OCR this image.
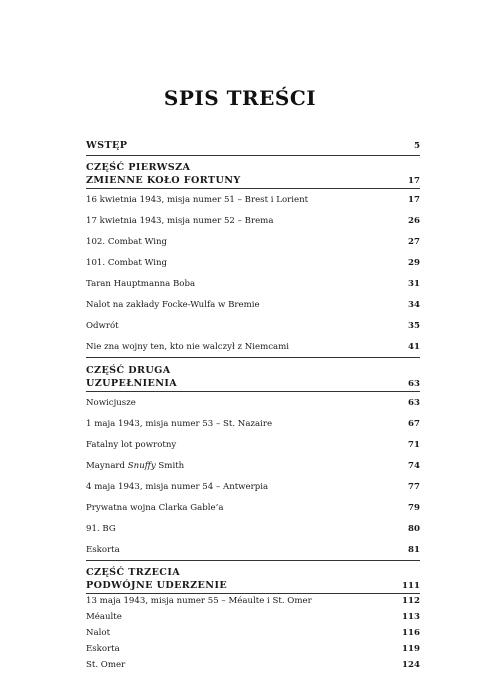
SPIS TREŚCI
WSTĘP	5
CZĘŚĆ PIERWSZA
ZMIENNE KOŁO FORTUNY	17
16 kwietnia 1943, misja numer 51 – Brest i Lorient	17
17 kwietnia 1943, misja numer 52 – Brema	26
102. Combat Wing	27
101. Combat Wing	29
Taran Hauptmanna Boba	31
Nalot na zakłady Focke-Wulfa w Bremie	34
Odwrót	35
Nie zna wojny ten, kto nie walczył z Niemcami	41
CZĘŚĆ DRUGA
UZUPEŁNIENIA	63
Nowicjusze	63
1 maja 1943, misja numer 53 – St. Nazaire	67
Fatalny lot powrotny	71
Maynard Snuffy Smith	74
4 maja 1943, misja numer 54 – Antwerpia	77
Prywatna wojna Clarka Gable’a	79
91. BG	80
Eskorta	81
CZĘŚĆ TRZECIA
PODWÓJNE UDERZENIE	111
13 maja 1943, misja numer 55 – Méaulte i St. Omer	112
Méaulte	113
Nalot	116
Eskorta	119
St. Omer	124
